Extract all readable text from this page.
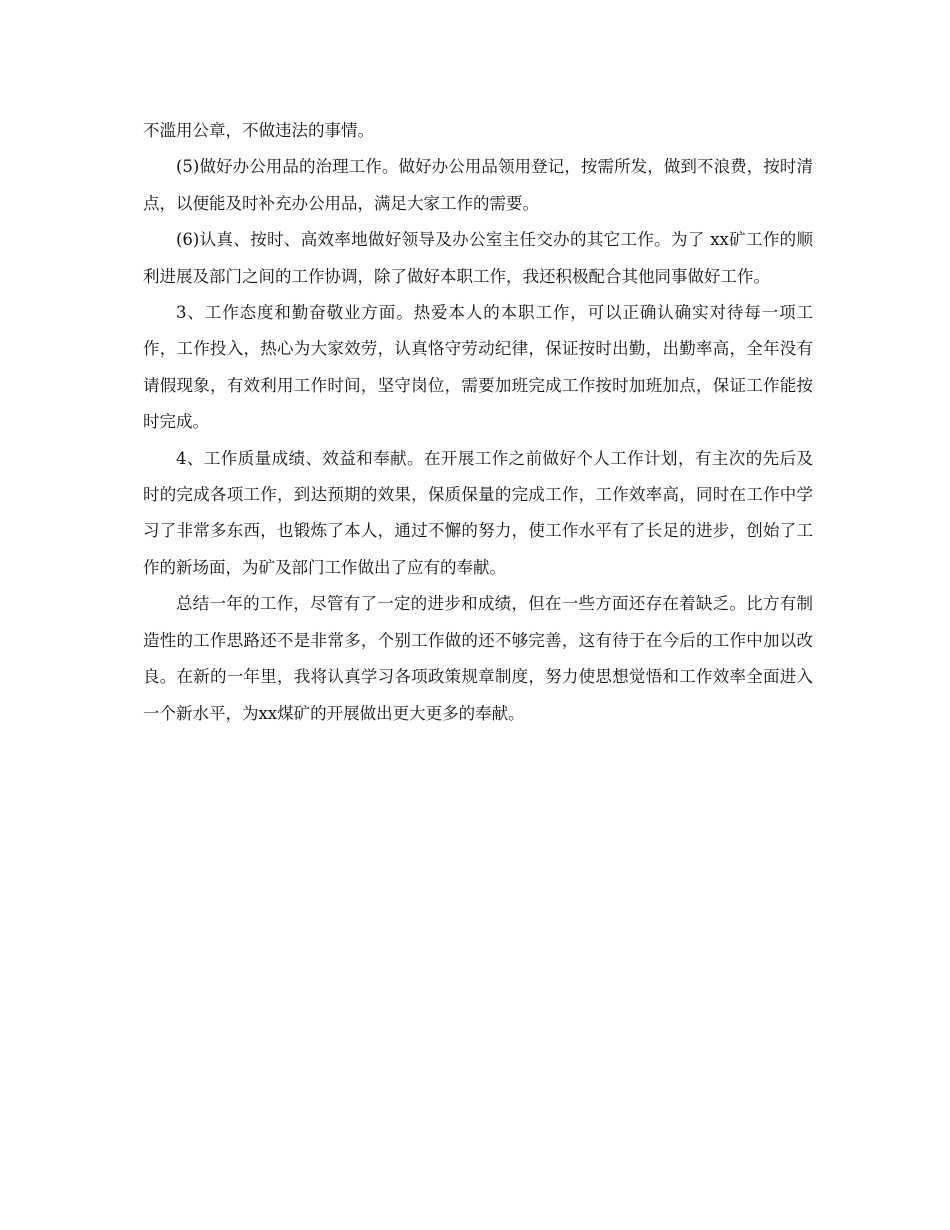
不滥用公章，不做违法的事情。

(5)做好办公用品的治理工作。做好办公用品领用登记，按需所发，做到不浪费，按时清点，以便能及时补充办公用品，满足大家工作的需要。

(6)认真、按时、高效率地做好领导及办公室主任交办的其它工作。为了 xx矿工作的顺利进展及部门之间的工作协调，除了做好本职工作，我还积极配合其他同事做好工作。

3、工作态度和勤奋敬业方面。热爱本人的本职工作，可以正确认确实对待每一项工作，工作投入，热心为大家效劳，认真恪守劳动纪律，保证按时出勤，出勤率高，全年没有请假现象，有效利用工作时间，坚守岗位，需要加班完成工作按时加班加点，保证工作能按时完成。

4、工作质量成绩、效益和奉献。在开展工作之前做好个人工作计划，有主次的先后及时的完成各项工作，到达预期的效果，保质保量的完成工作，工作效率高，同时在工作中学习了非常多东西，也锻炼了本人，通过不懈的努力，使工作水平有了长足的进步，创始了工作的新场面，为矿及部门工作做出了应有的奉献。

总结一年的工作，尽管有了一定的进步和成绩，但在一些方面还存在着缺乏。比方有制造性的工作思路还不是非常多，个别工作做的还不够完善，这有待于在今后的工作中加以改良。在新的一年里，我将认真学习各项政策规章制度，努力使思想觉悟和工作效率全面进入一个新水平，为xx煤矿的开展做出更大更多的奉献。
